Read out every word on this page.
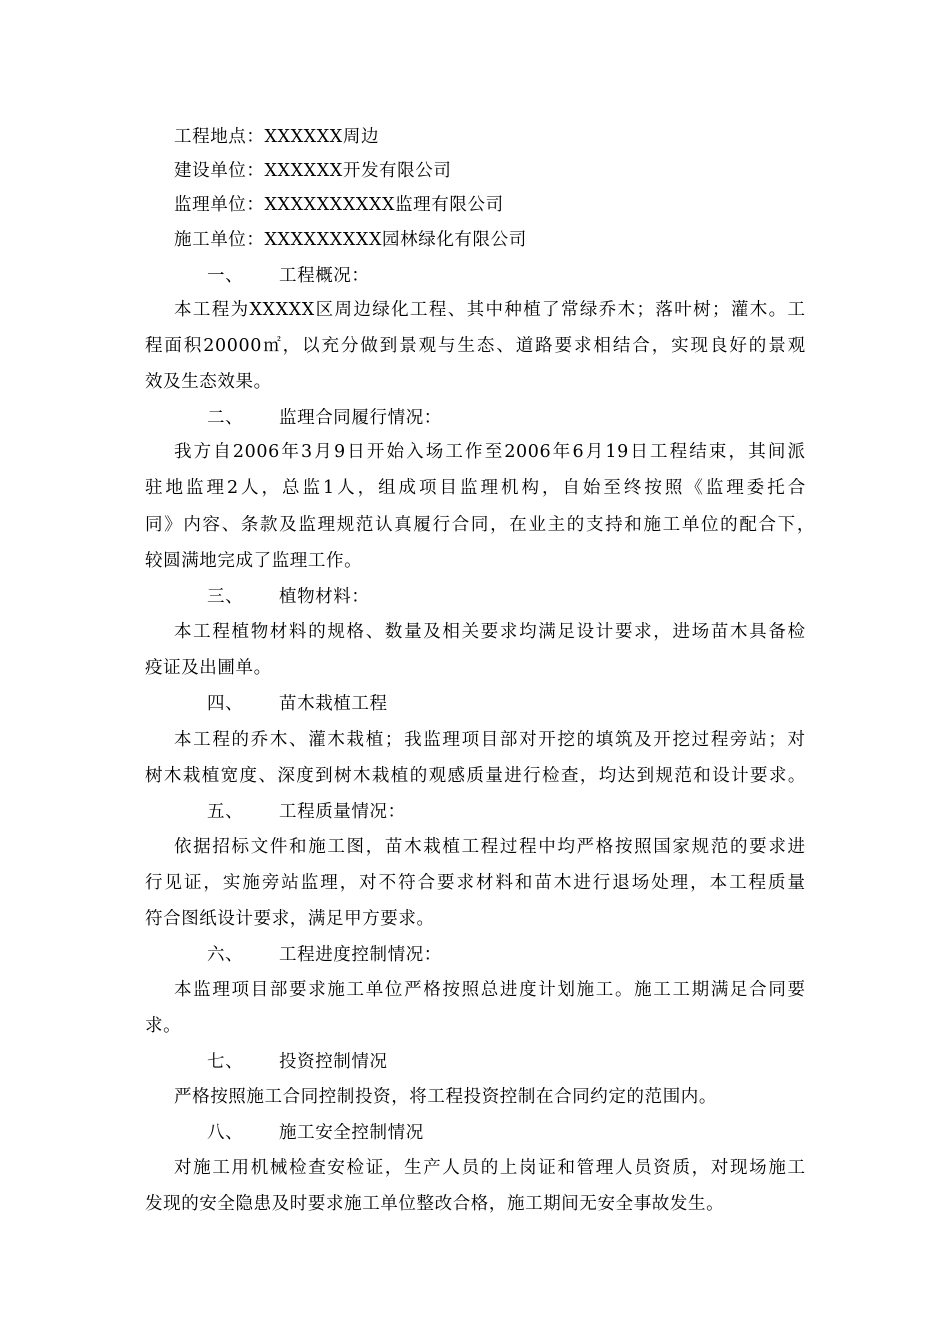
工程地点：XXXXXX周边
建设单位：XXXXXX开发有限公司
监理单位：XXXXXXXXXX监理有限公司
施工单位：XXXXXXXXX园林绿化有限公司
一、 工程概况：
本 工 程 为 XXXXX 区 周 边 绿 化 工 程 、 其 中 种 植 了 常 绿 乔 木 ； 落 叶 树 ； 灌 木 。 工
程 面 积 20000 ㎡ ， 以 充 分 做 到 景 观 与 生 态 、 道 路 要 求 相 结 合 ， 实 现 良 好 的 景 观
效及生态效果。
二、 监理合同履行情况：
我 方 自 2006 年 3 月 9 日 开 始 入 场 工 作 至 2006 年 6 月 19 日 工 程 结 束 ， 其 间 派
驻 地 监 理 2 人 ， 总 监 1 人 ， 组 成 项 目 监 理 机 构 ， 自 始 至 终 按 照 《 监 理 委 托 合
同 》 内 容 、 条 款 及 监 理 规 范 认 真 履 行 合 同 ， 在 业 主 的 支 持 和 施 工 单 位 的 配 合 下 ，
较圆满地完成了监理工作。
三、 植物材料：
本 工 程 植 物 材 料 的 规 格 、 数 量 及 相 关 要 求 均 满 足 设 计 要 求 ， 进 场 苗 木 具 备 检
疫证及出圃单。
四、 苗木栽植工程
本 工 程 的 乔 木 、 灌 木 栽 植 ； 我 监 理 项 目 部 对 开 挖 的 填 筑 及 开 挖 过 程 旁 站 ； 对
树 木 栽 植 宽 度 、 深 度 到 树 木 栽 植 的 观 感 质 量 进 行 检 查 ， 均 达 到 规 范 和 设 计 要 求 。
五、 工程质量情况：
依 据 招 标 文 件 和 施 工 图 ， 苗 木 栽 植 工 程 过 程 中 均 严 格 按 照 国 家 规 范 的 要 求 进
行 见 证 ， 实 施 旁 站 监 理 ， 对 不 符 合 要 求 材 料 和 苗 木 进 行 退 场 处 理 ， 本 工 程 质 量
符合图纸设计要求，满足甲方要求。
六、 工程进度控制情况：
本 监 理 项 目 部 要 求 施 工 单 位 严 格 按 照 总 进 度 计 划 施 工 。 施 工 工 期 满 足 合 同 要
求。
七、 投资控制情况
严格按照施工合同控制投资，将工程投资控制在合同约定的范围内。
八、 施工安全控制情况
对 施 工 用 机 械 检 查 安 检 证 ， 生 产 人 员 的 上 岗 证 和 管 理 人 员 资 质 ， 对 现 场 施 工
发现的安全隐患及时要求施工单位整改合格，施工期间无安全事故发生。
